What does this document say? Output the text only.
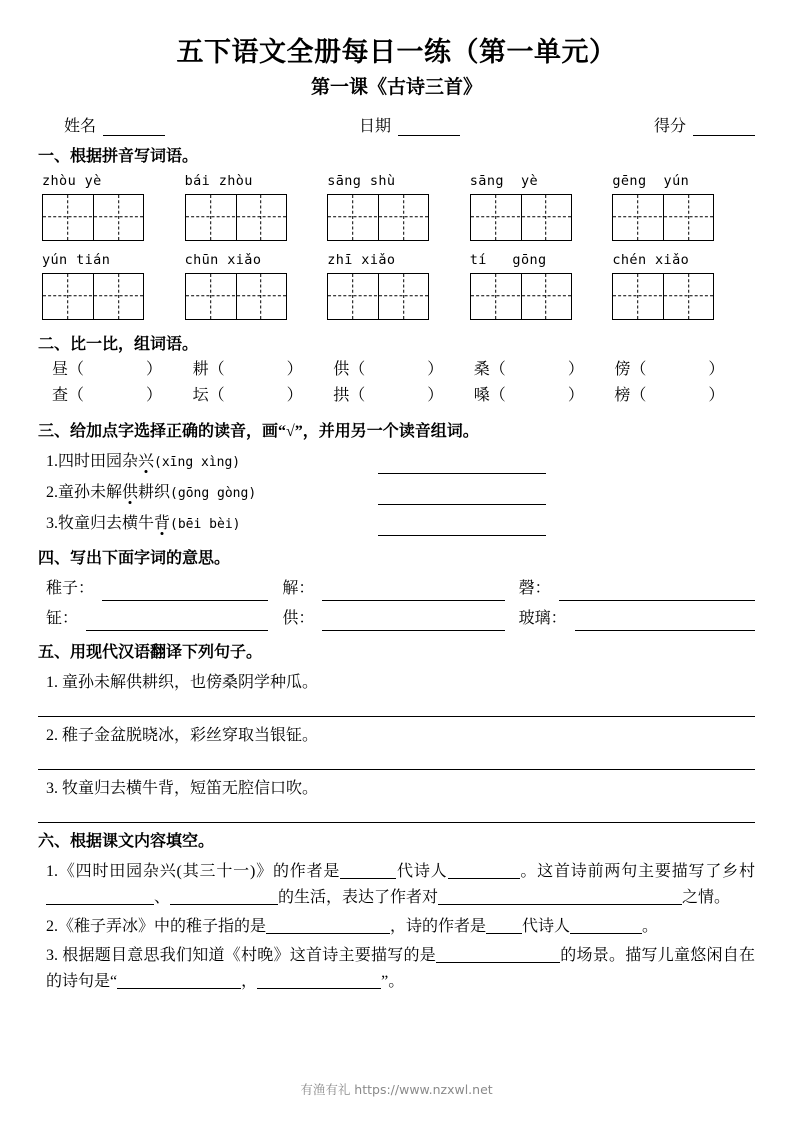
五下语文全册每日一练（第一单元）
第一课《古诗三首》
姓名	日期	得分
一、根据拼音写词语。
zhòu yè	bái zhòu	sāng shù	sāng  yè	gēng  yún
yún tián	chūn xiǎo	zhī xiǎo	tí   gōng	chén xiǎo
二、比一比，组词语。
昼（	）	耕（	）	供（	）	桑（	）	傍（	）
查（	）	坛（	）	拱（	）	嗓（	）	榜（	）
三、给加点字选择正确的读音，画“√”，并用另一个读音组词。
1.四时田园杂兴(xīng xìng)
2.童孙未解供耕织(gōng gòng)
3.牧童归去横牛背(bēi bèi)
四、写出下面字词的意思。
稚子：	解：	磬：
钲：	供：	玻璃：
五、用现代汉语翻译下列句子。
1. 童孙未解供耕织，也傍桑阴学种瓜。
2. 稚子金盆脱晓冰，彩丝穿取当银钲。
3. 牧童归去横牛背，短笛无腔信口吹。
六、根据课文内容填空。
1.《四时田园杂兴(其三十一)》的作者是	代诗人	。这首诗前两句主要描写了乡村、	的生活，表达了作者对	之情。
2.《稚子弄冰》中的稚子指的是	，诗的作者是 代诗人	。
3. 根据题目意思我们知道《村晚》这首诗主要描写的是	的场景。描写儿童悠闲自在的诗句是“	，	”。
有渔有礼 https://www.nzxwl.net
